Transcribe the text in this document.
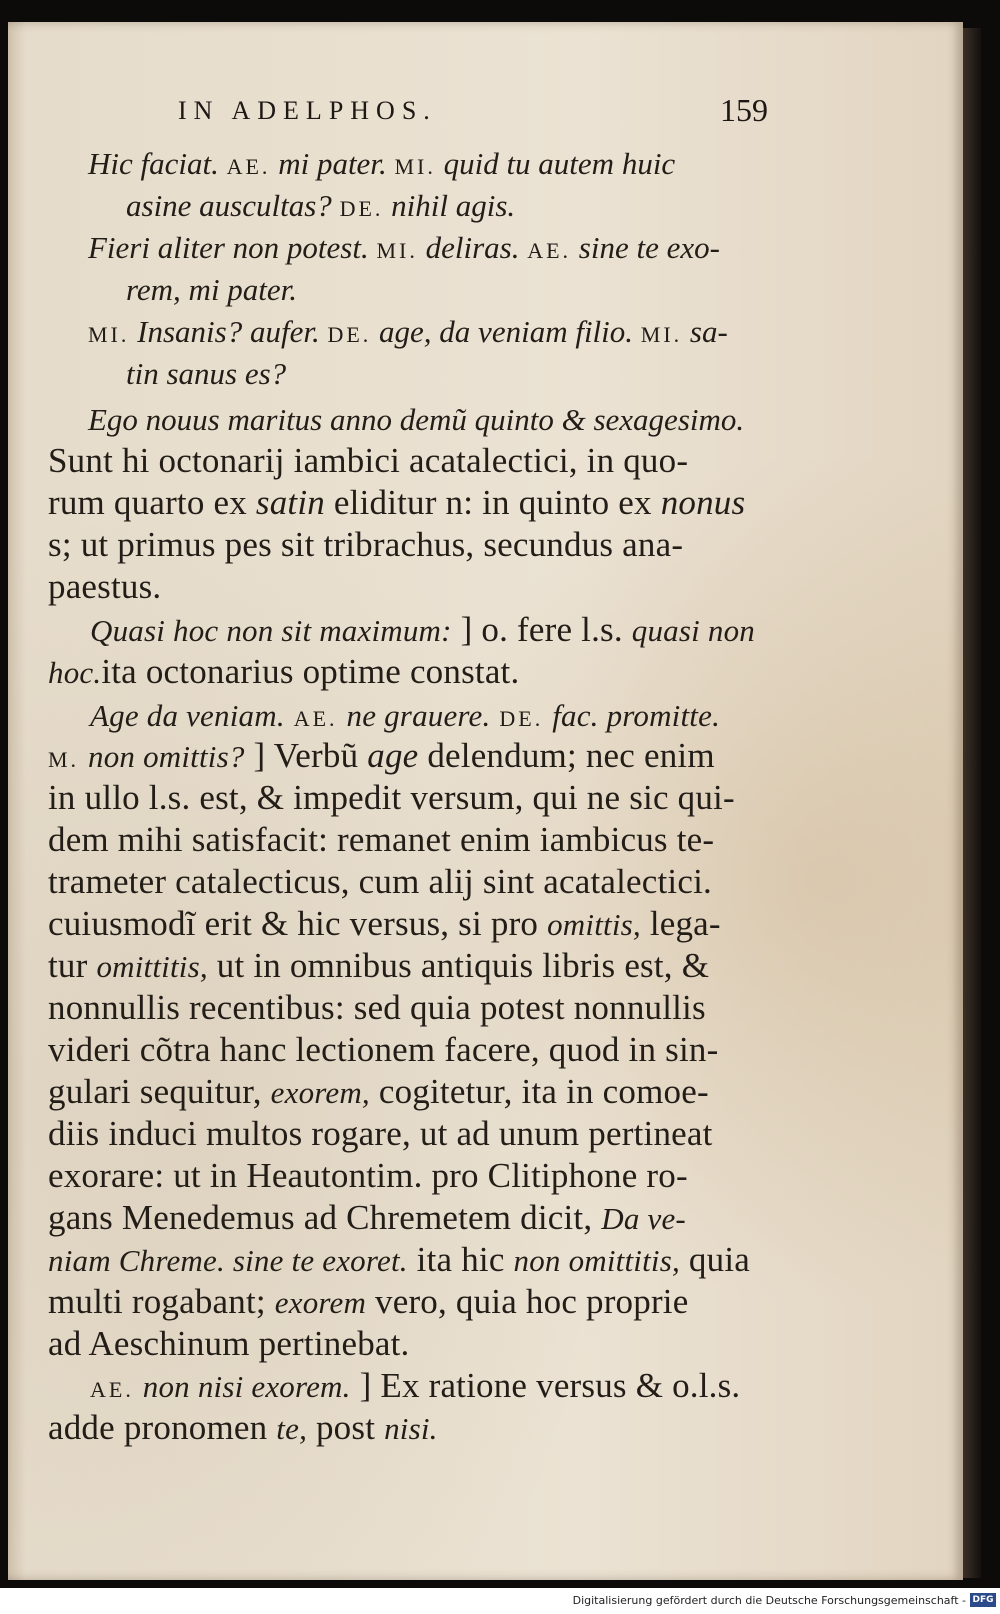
IN ADELPHOS.	159
Hic faciat. AE. mi pater. MI. quid tu autem huic
asine auscultas? DE. nihil agis.
Fieri aliter non potest. MI. deliras. AE. sine te exo-
rem, mi pater.
MI. Insanis? aufer. DE. age, da veniam filio. MI. sa-
tin sanus es?
Ego nouus maritus anno demũ quinto & sexagesimo.
Sunt hi octonarij iambici acatalectici, in quo-
rum quarto ex satin eliditur n: in quinto ex nonus
s; ut primus pes sit tribrachus, secundus ana-
paestus.
Quasi hoc non sit maximum: ] o. fere l.s. quasi non
hoc.ita octonarius optime constat.
Age da veniam. AE. ne grauere. DE. fac. promitte.
M. non omittis? ] Verbũ age delendum; nec enim
in ullo l.s. est, & impedit versum, qui ne sic qui-
dem mihi satisfacit: remanet enim iambicus te-
trameter catalecticus, cum alij sint acatalectici.
cuiusmodĩ erit & hic versus, si pro omittis, lega-
tur omittitis, ut in omnibus antiquis libris est, &
nonnullis recentibus: sed quia potest nonnullis
videri cõtra hanc lectionem facere, quod in sin-
gulari sequitur, exorem, cogitetur, ita in comoe-
diis induci multos rogare, ut ad unum pertineat
exorare: ut in Heautontim. pro Clitiphone ro-
gans Menedemus ad Chremetem dicit, Da ve-
niam Chreme. sine te exoret. ita hic non omittitis, quia
multi rogabant; exorem vero, quia hoc proprie
ad Aeschinum pertinebat.
AE. non nisi exorem. ] Ex ratione versus & o.l.s.
adde pronomen te, post nisi.
Digitalisierung gefördert durch die Deutsche Forschungsgemeinschaft - DFG
